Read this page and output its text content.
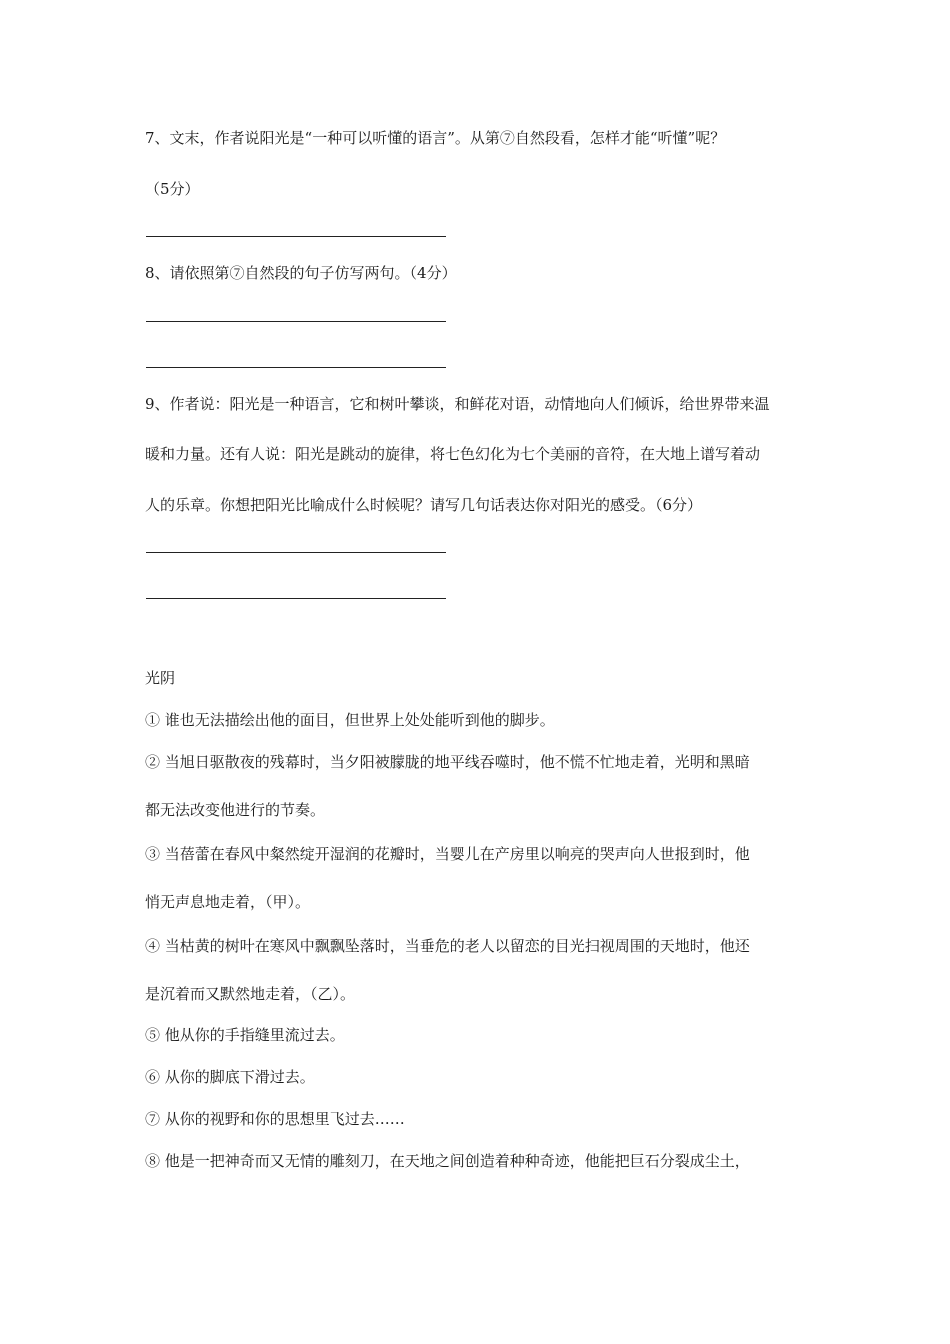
7、文末，作者说阳光是“一种可以听懂的语言”。从第⑦自然段看，怎样才能“听懂”呢？
（5分）
8、请依照第⑦自然段的句子仿写两句。（4分）
9、作者说：阳光是一种语言，它和树叶攀谈，和鲜花对语，动情地向人们倾诉，给世界带来温
暖和力量。还有人说：阳光是跳动的旋律，将七色幻化为七个美丽的音符，在大地上谱写着动
人的乐章。你想把阳光比喻成什么时候呢？请写几句话表达你对阳光的感受。（6分）
光阴
① 谁也无法描绘出他的面目，但世界上处处能听到他的脚步。
② 当旭日驱散夜的残幕时，当夕阳被朦胧的地平线吞噬时，他不慌不忙地走着，光明和黑暗
都无法改变他进行的节奏。
③ 当蓓蕾在春风中粲然绽开湿润的花瓣时，当婴儿在产房里以响亮的哭声向人世报到时，他
悄无声息地走着，（甲）。
④ 当枯黄的树叶在寒风中飘飘坠落时，当垂危的老人以留恋的目光扫视周围的天地时，他还
是沉着而又默然地走着，（乙）。
⑤ 他从你的手指缝里流过去。
⑥ 从你的脚底下滑过去。
⑦ 从你的视野和你的思想里飞过去……
⑧ 他是一把神奇而又无情的雕刻刀，在天地之间创造着种种奇迹，他能把巨石分裂成尘土，
